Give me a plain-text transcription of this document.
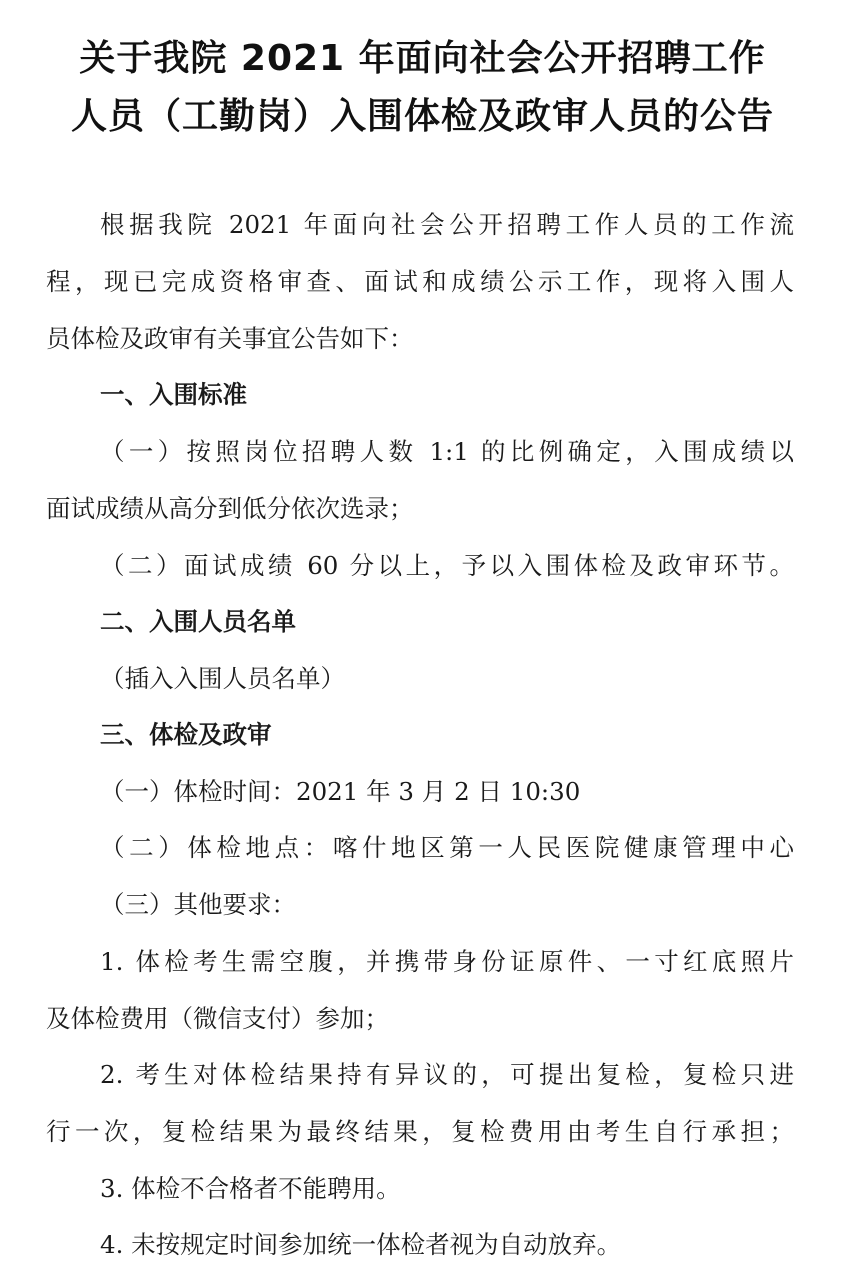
关于我院 2021 年面向社会公开招聘工作
人员（工勤岗）入围体检及政审人员的公告
根据我院 2021 年面向社会公开招聘工作人员的工作流
程，现已完成资格审查、面试和成绩公示工作，现将入围人
员体检及政审有关事宜公告如下：
一、入围标准
（一）按照岗位招聘人数 1:1 的比例确定，入围成绩以
面试成绩从高分到低分依次选录；
（二）面试成绩 60 分以上，予以入围体检及政审环节。
二、入围人员名单
（插入入围人员名单）
三、体检及政审
（一）体检时间：2021 年 3 月 2 日 10:30
（二）体检地点：喀什地区第一人民医院健康管理中心
（三）其他要求：
1. 体检考生需空腹，并携带身份证原件、一寸红底照片
及体检费用（微信支付）参加；
2. 考生对体检结果持有异议的，可提出复检，复检只进
行一次，复检结果为最终结果，复检费用由考生自行承担；
3. 体检不合格者不能聘用。
4. 未按规定时间参加统一体检者视为自动放弃。
